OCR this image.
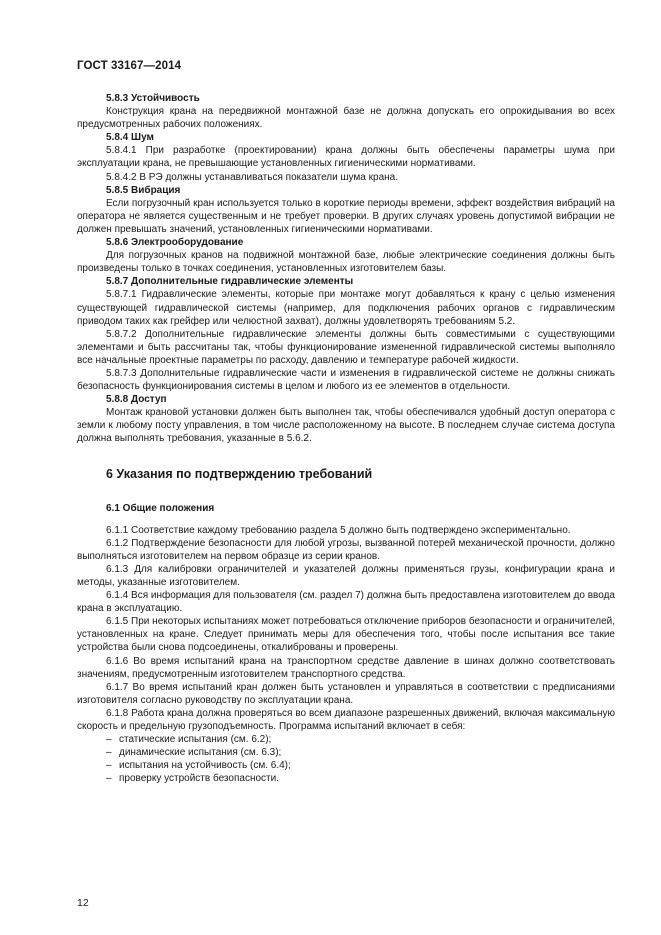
ГОСТ 33167—2014

5.8.3 Устойчивость

Конструкция крана на передвижной монтажной базе не должна допускать его опрокидывания во всех предусмотренных рабочих положениях.

5.8.4 Шум

5.8.4.1 При разработке (проектировании) крана должны быть обеспечены параметры шума при эксплуатации крана, не превышающие установленных гигиеническими нормативами.

5.8.4.2 В РЭ должны устанавливаться показатели шума крана.

5.8.5 Вибрация

Если погрузочный кран используется только в короткие периоды времени, эффект воздействия вибраций на оператора не является существенным и не требует проверки. В других случаях уровень допустимой вибрации не должен превышать значений, установленных гигиеническими нормативами.

5.8.6 Электрооборудование

Для погрузочных кранов на подвижной монтажной базе, любые электрические соединения должны быть произведены только в точках соединения, установленных изготовителем базы.

5.8.7 Дополнительные гидравлические элементы

5.8.7.1 Гидравлические элементы, которые при монтаже могут добавляться к крану с целью изменения существующей гидравлической системы (например, для подключения рабочих органов с гидравлическим приводом таких как грейфер или челюстной захват), должны удовлетворять требованиям 5.2.

5.8.7.2 Дополнительные гидравлические элементы должны быть совместимыми с существующими элементами и быть рассчитаны так, чтобы функционирование измененной гидравлической системы выполняло все начальные проектные параметры по расходу, давлению и температуре рабочей жидкости.

5.8.7.3 Дополнительные гидравлические части и изменения в гидравлической системе не должны снижать безопасность функционирования системы в целом и любого из ее элементов в отдельности.

5.8.8 Доступ

Монтаж крановой установки должен быть выполнен так, чтобы обеспечивался удобный доступ оператора с земли к любому посту управления, в том числе расположенному на высоте. В последнем случае система доступа должна выполнять требования, указанные в 5.6.2.

6 Указания по подтверждению требований
6.1 Общие положения

6.1.1 Соответствие каждому требованию раздела 5 должно быть подтверждено экспериментально.

6.1.2 Подтверждение безопасности для любой угрозы, вызванной потерей механической прочности, должно выполняться изготовителем на первом образце из серии кранов.

6.1.3 Для калибровки ограничителей и указателей должны применяться грузы, конфигурации крана и методы, указанные изготовителем.

6.1.4 Вся информация для пользователя (см. раздел 7) должна быть предоставлена изготовителем до ввода крана в эксплуатацию.

6.1.5 При некоторых испытаниях может потребоваться отключение приборов безопасности и ограничителей, установленных на кране. Следует принимать меры для обеспечения того, чтобы после испытания все такие устройства были снова подсоединены, откалиброваны и проверены.

6.1.6 Во время испытаний крана на транспортном средстве давление в шинах должно соответствовать значениям, предусмотренным изготовителем транспортного средства.

6.1.7 Во время испытаний кран должен быть установлен и управляться в соответствии с предписаниями изготовителя согласно руководству по эксплуатации крана.

6.1.8 Работа крана должна проверяться во всем диапазоне разрешенных движений, включая максимальную скорость и предельную грузоподъемность. Программа испытаний включает в себя:

– статические испытания (см. 6.2);
– динамические испытания (см. 6.3);
– испытания на устойчивость (см. 6.4);
– проверку устройств безопасности.
12
